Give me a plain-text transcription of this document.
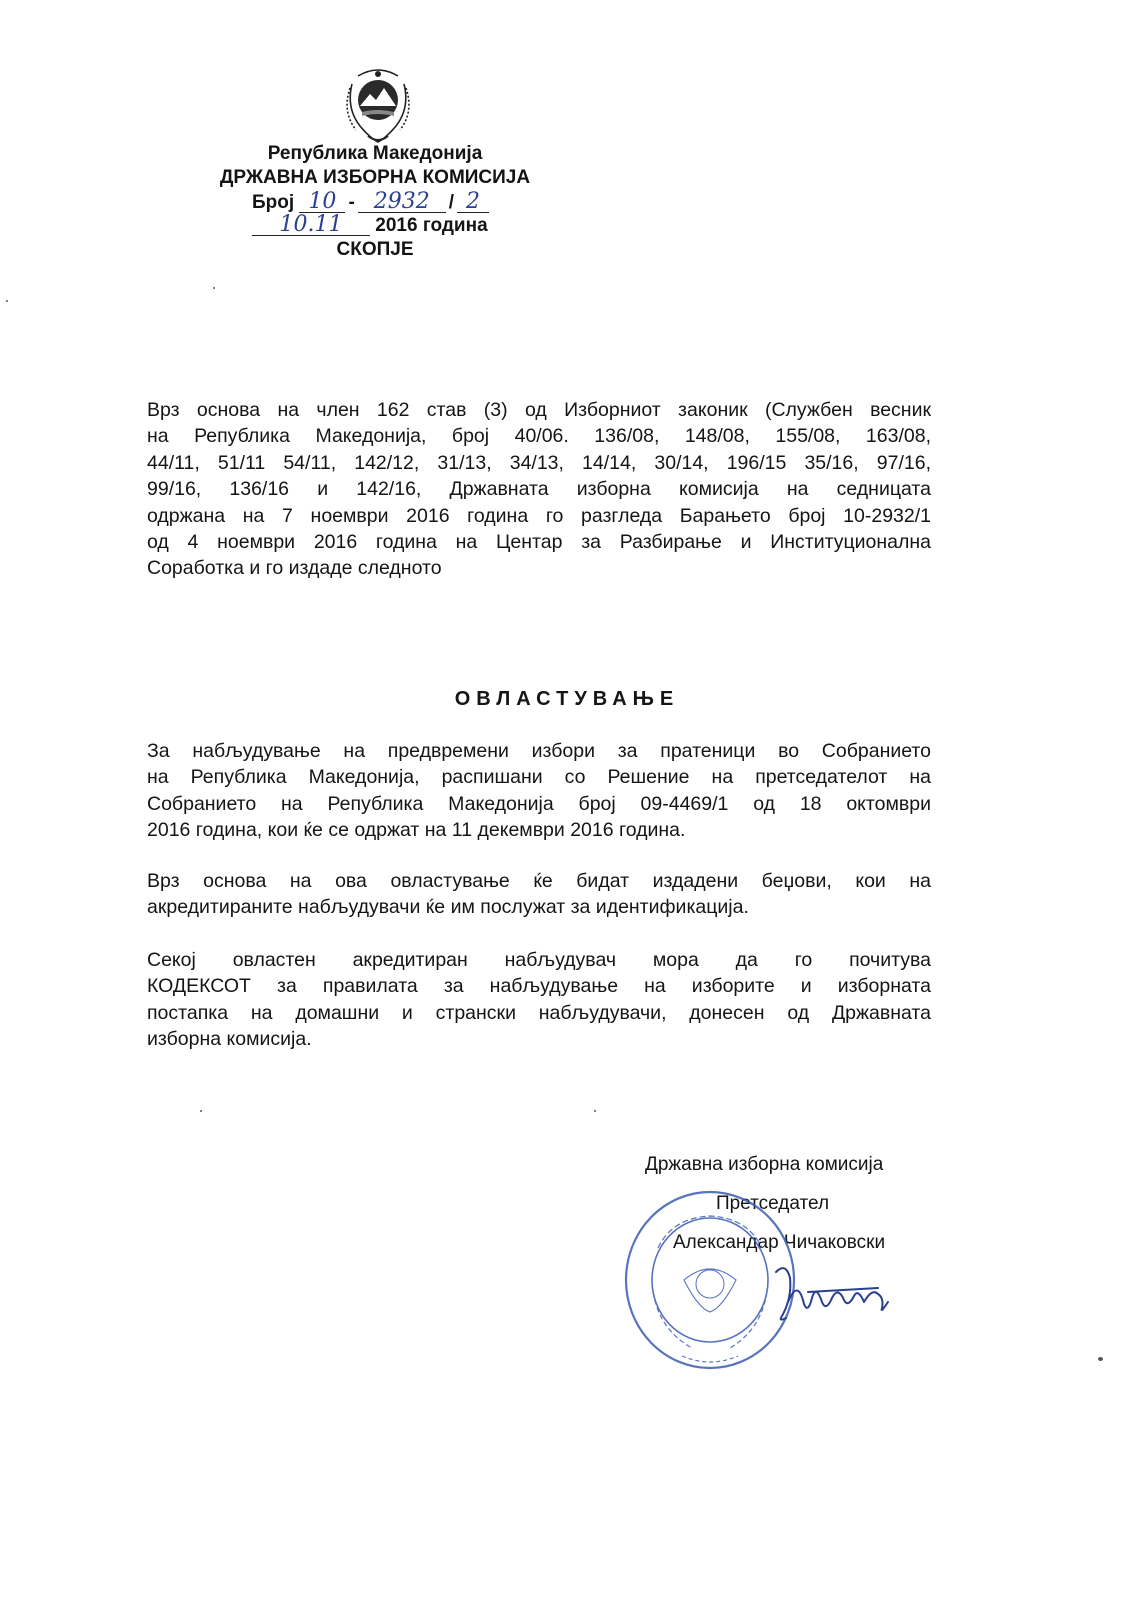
Република Македонија
ДРЖАВНА ИЗБОРНА КОМИСИЈА
Број 10 - 2932 / 2
10.11 2016 година
СКОПЈЕ
Врз основа на член 162 став (3) од Изборниот законик (Службен весник
на Република Македонија, број 40/06. 136/08, 148/08, 155/08, 163/08,
44/11, 51/11 54/11, 142/12, 31/13, 34/13, 14/14, 30/14, 196/15 35/16, 97/16,
99/16, 136/16 и 142/16, Државната изборна комисија на седницата
одржана на 7 ноември 2016 година го разгледа Барањето број 10-2932/1
од 4 ноември 2016 година на Центар за Разбирање и Институционална
Соработка и го издаде следното
ОВЛАСТУВАЊЕ
За набљудување на предвремени избори за пратеници во Собранието
на Република Македонија, распишани со Решение на претседателот на
Собранието на Република Македонија број 09-4469/1 од 18 октомври
2016 година, кои ќе се одржат на 11 декември 2016 година.
Врз основа на ова овластување ќе бидат издадени беџови, кои на
акредитираните набљудувачи ќе им послужат за идентификација.
Секој овластен акредитиран набљудувач мора да го почитува
КОДЕКСОТ за правилата за набљудување на изборите и изборната
постапка на домашни и странски набљудувачи, донесен од Државната
изборна комисија.
Државна изборна комисија
Претседател
Александар Чичаковски
